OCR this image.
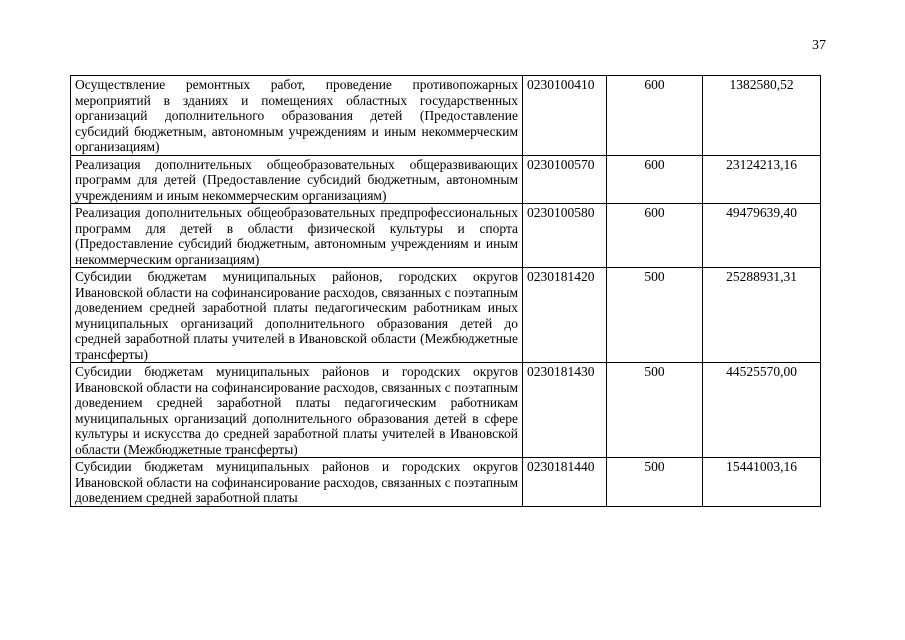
37
Осуществление ремонтных работ, проведение противопожарных мероприятий в зданиях и помещениях областных государственных организаций дополнительного образования детей (Предоставление субсидий бюджетным, автономным учреждениям и иным некоммерческим организациям)	0230100410	600	1382580,52
Реализация дополнительных общеобразовательных общеразвивающих программ для детей (Предоставление субсидий бюджетным, автономным учреждениям и иным некоммерческим организациям)	0230100570	600	23124213,16
Реализация дополнительных общеобразовательных предпрофессиональных программ для детей в области физической культуры и спорта (Предоставление субсидий бюджетным, автономным учреждениям и иным некоммерческим организациям)	0230100580	600	49479639,40
Субсидии бюджетам муниципальных районов, городских округов Ивановской области на софинансирование расходов, связанных с поэтапным доведением средней заработной платы педагогическим работникам иных муниципальных организаций дополнительного образования детей до средней заработной платы учителей в Ивановской области (Межбюджетные трансферты)	0230181420	500	25288931,31
Субсидии бюджетам муниципальных районов и городских округов Ивановской области на софинансирование расходов, связанных с поэтапным доведением средней заработной платы педагогическим работникам муниципальных организаций дополнительного образования детей в сфере культуры и искусства до средней заработной платы учителей в Ивановской области (Межбюджетные трансферты)	0230181430	500	44525570,00
Субсидии бюджетам муниципальных районов и городских округов Ивановской области на софинансирование расходов, связанных с поэтапным доведением средней заработной платы	0230181440	500	15441003,16
